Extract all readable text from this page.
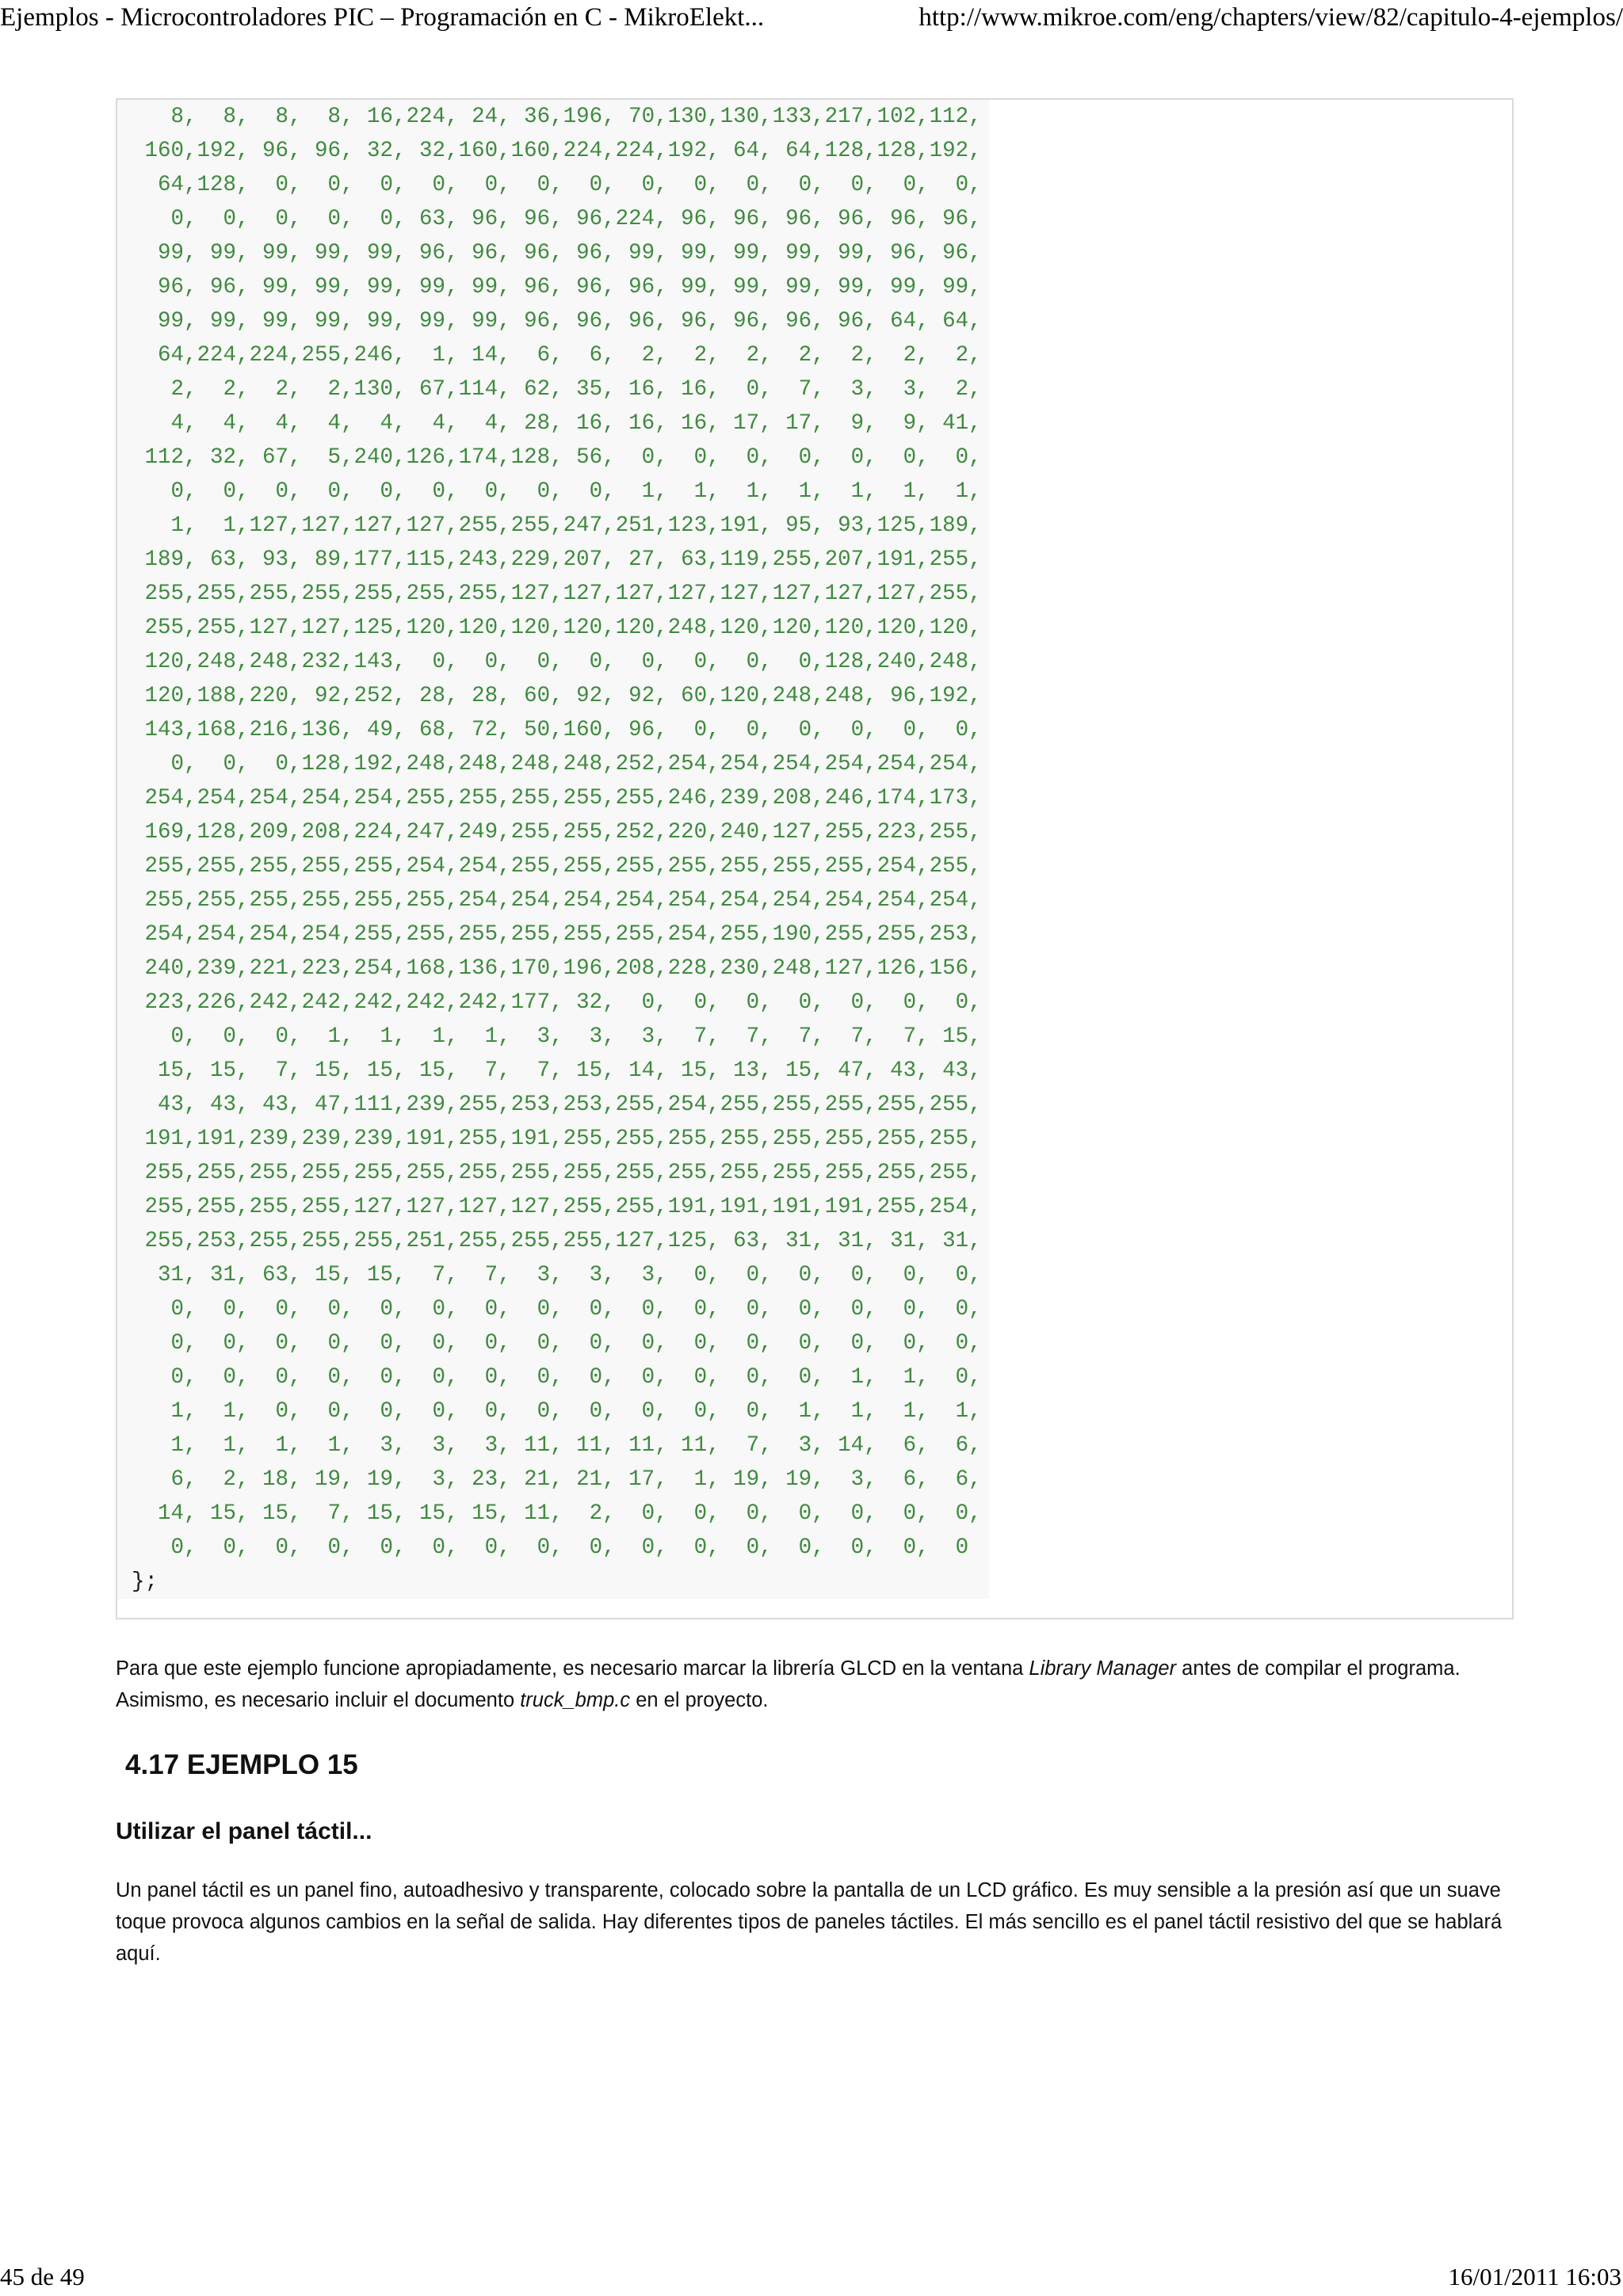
Ejemplos - Microcontroladores PIC – Programación en C - MikroElekt...	http://www.mikroe.com/eng/chapters/view/82/capitulo-4-ejemplos/
8,  8,  8,  8, 16,224, 24, 36,196, 70,130,130,133,217,102,112,
160,192, 96, 96, 32, 32,160,160,224,224,192, 64, 64,128,128,192,
64,128,  0,  0,  0,  0,  0,  0,  0,  0,  0,  0,  0,  0,  0,  0,
0,  0,  0,  0,  0, 63, 96, 96, 96,224, 96, 96, 96, 96, 96, 96,
99, 99, 99, 99, 99, 96, 96, 96, 96, 99, 99, 99, 99, 99, 96, 96,
96, 96, 99, 99, 99, 99, 99, 96, 96, 96, 99, 99, 99, 99, 99, 99,
99, 99, 99, 99, 99, 99, 99, 96, 96, 96, 96, 96, 96, 96, 64, 64,
64,224,224,255,246,  1, 14,  6,  6,  2,  2,  2,  2,  2,  2,  2,
2,  2,  2,  2,130, 67,114, 62, 35, 16, 16,  0,  7,  3,  3,  2,
4,  4,  4,  4,  4,  4,  4, 28, 16, 16, 16, 17, 17,  9,  9, 41,
112, 32, 67,  5,240,126,174,128, 56,  0,  0,  0,  0,  0,  0,  0,
0,  0,  0,  0,  0,  0,  0,  0,  0,  1,  1,  1,  1,  1,  1,  1,
1,  1,127,127,127,127,255,255,247,251,123,191, 95, 93,125,189,
189, 63, 93, 89,177,115,243,229,207, 27, 63,119,255,207,191,255,
255,255,255,255,255,255,255,127,127,127,127,127,127,127,127,255,
255,255,127,127,125,120,120,120,120,120,248,120,120,120,120,120,
120,248,248,232,143,  0,  0,  0,  0,  0,  0,  0,  0,128,240,248,
120,188,220, 92,252, 28, 28, 60, 92, 92, 60,120,248,248, 96,192,
143,168,216,136, 49, 68, 72, 50,160, 96,  0,  0,  0,  0,  0,  0,
0,  0,  0,128,192,248,248,248,248,252,254,254,254,254,254,254,
254,254,254,254,254,255,255,255,255,255,246,239,208,246,174,173,
169,128,209,208,224,247,249,255,255,252,220,240,127,255,223,255,
255,255,255,255,255,254,254,255,255,255,255,255,255,255,254,255,
255,255,255,255,255,255,254,254,254,254,254,254,254,254,254,254,
254,254,254,254,255,255,255,255,255,255,254,255,190,255,255,253,
240,239,221,223,254,168,136,170,196,208,228,230,248,127,126,156,
223,226,242,242,242,242,242,177, 32,  0,  0,  0,  0,  0,  0,  0,
0,  0,  0,  1,  1,  1,  1,  3,  3,  3,  7,  7,  7,  7,  7, 15,
15, 15,  7, 15, 15, 15,  7,  7, 15, 14, 15, 13, 15, 47, 43, 43,
43, 43, 43, 47,111,239,255,253,253,255,254,255,255,255,255,255,
191,191,239,239,239,191,255,191,255,255,255,255,255,255,255,255,
255,255,255,255,255,255,255,255,255,255,255,255,255,255,255,255,
255,255,255,255,127,127,127,127,255,255,191,191,191,191,255,254,
255,253,255,255,255,251,255,255,255,127,125, 63, 31, 31, 31, 31,
31, 31, 63, 15, 15,  7,  7,  3,  3,  3,  0,  0,  0,  0,  0,  0,
0,  0,  0,  0,  0,  0,  0,  0,  0,  0,  0,  0,  0,  0,  0,  0,
0,  0,  0,  0,  0,  0,  0,  0,  0,  0,  0,  0,  0,  0,  0,  0,
0,  0,  0,  0,  0,  0,  0,  0,  0,  0,  0,  0,  0,  1,  1,  0,
1,  1,  0,  0,  0,  0,  0,  0,  0,  0,  0,  0,  1,  1,  1,  1,
1,  1,  1,  1,  3,  3,  3, 11, 11, 11, 11,  7,  3, 14,  6,  6,
6,  2, 18, 19, 19,  3, 23, 21, 21, 17,  1, 19, 19,  3,  6,  6,
14, 15, 15,  7, 15, 15, 15, 11,  2,  0,  0,  0,  0,  0,  0,  0,
0,  0,  0,  0,  0,  0,  0,  0,  0,  0,  0,  0,  0,  0,  0,  0
};
Para que este ejemplo funcione apropiadamente, es necesario marcar la librería GLCD en la ventana Library Manager antes de compilar el programa. Asimismo, es necesario incluir el documento truck_bmp.c en el proyecto.
4.17 EJEMPLO 15
Utilizar el panel táctil...
Un panel táctil es un panel fino, autoadhesivo y transparente, colocado sobre la pantalla de un LCD gráfico. Es muy sensible a la presión así que un suave toque provoca algunos cambios en la señal de salida. Hay diferentes tipos de paneles táctiles. El más sencillo es el panel táctil resistivo del que se hablará aquí.
45 de 49	16/01/2011 16:03
